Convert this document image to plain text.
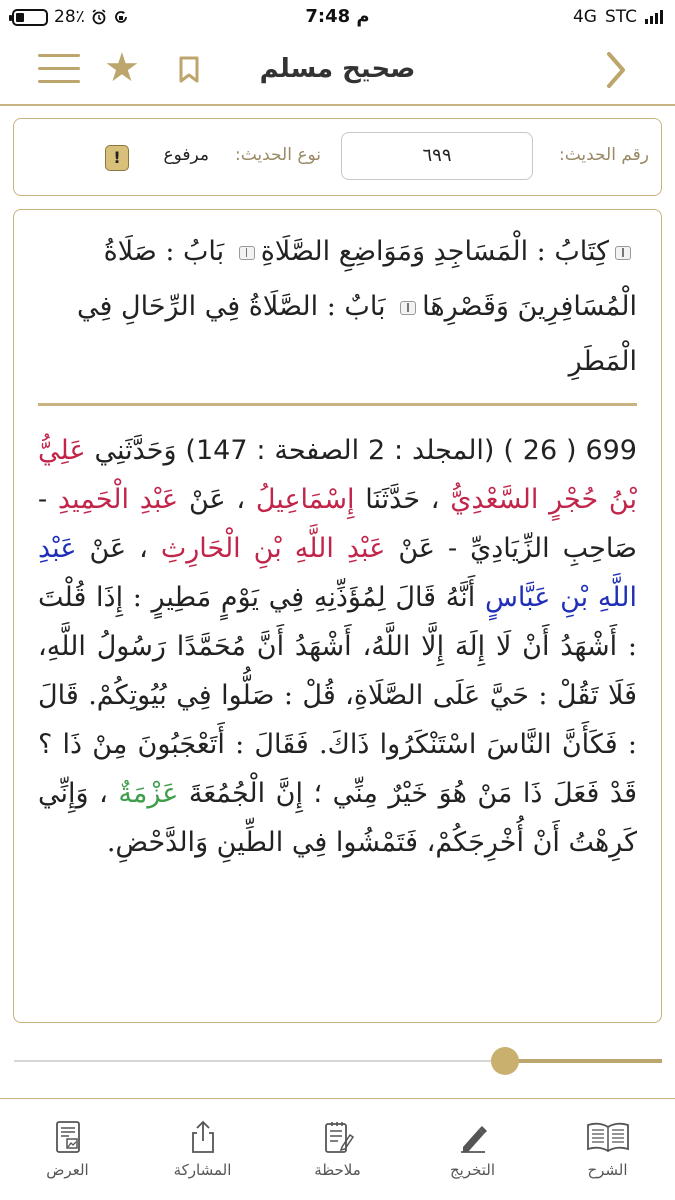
28٪	7:48 م	4G STC
★	صحيح مسلم
رقم الحديث:
٦٩٩
نوع الحديث:
مرفوع
!
كِتَابُ : الْمَسَاجِدِ وَمَوَاضِعِ الصَّلَاةِ بَابُ : صَلَاةُ الْمُسَافِرِينَ وَقَصْرِهَا بَابٌ : الصَّلَاةُ فِي الرِّحَالِ فِي الْمَطَرِ
699 ( 26 ) (المجلد : 2 الصفحة : 147) وَحَدَّثَنِي عَلِيُّ بْنُ حُجْرٍ السَّعْدِيُّ ، حَدَّثَنَا إِسْمَاعِيلُ ، عَنْ عَبْدِ الْحَمِيدِ - صَاحِبِ الزِّيَادِيِّ - عَنْ عَبْدِ اللَّهِ بْنِ الْحَارِثِ ، عَنْ عَبْدِ اللَّهِ بْنِ عَبَّاسٍ أَنَّهُ قَالَ لِمُؤَذِّنِهِ فِي يَوْمٍ مَطِيرٍ : إِذَا قُلْتَ : أَشْهَدُ أَنْ لَا إِلَهَ إِلَّا اللَّهُ، أَشْهَدُ أَنَّ مُحَمَّدًا رَسُولُ اللَّهِ، فَلَا تَقُلْ : حَيَّ عَلَى الصَّلَاةِ، قُلْ : صَلُّوا فِي بُيُوتِكُمْ. قَالَ : فَكَأَنَّ النَّاسَ اسْتَنْكَرُوا ذَاكَ. فَقَالَ : أَتَعْجَبُونَ مِنْ ذَا ؟ قَدْ فَعَلَ ذَا مَنْ هُوَ خَيْرٌ مِنِّي ؛ إِنَّ الْجُمُعَةَ عَزْمَةٌ ، وَإِنِّي كَرِهْتُ أَنْ أُخْرِجَكُمْ، فَتَمْشُوا فِي الطِّينِ وَالدَّحْضِ.
العرض	المشاركة	ملاحظة	التخريج	الشرح
